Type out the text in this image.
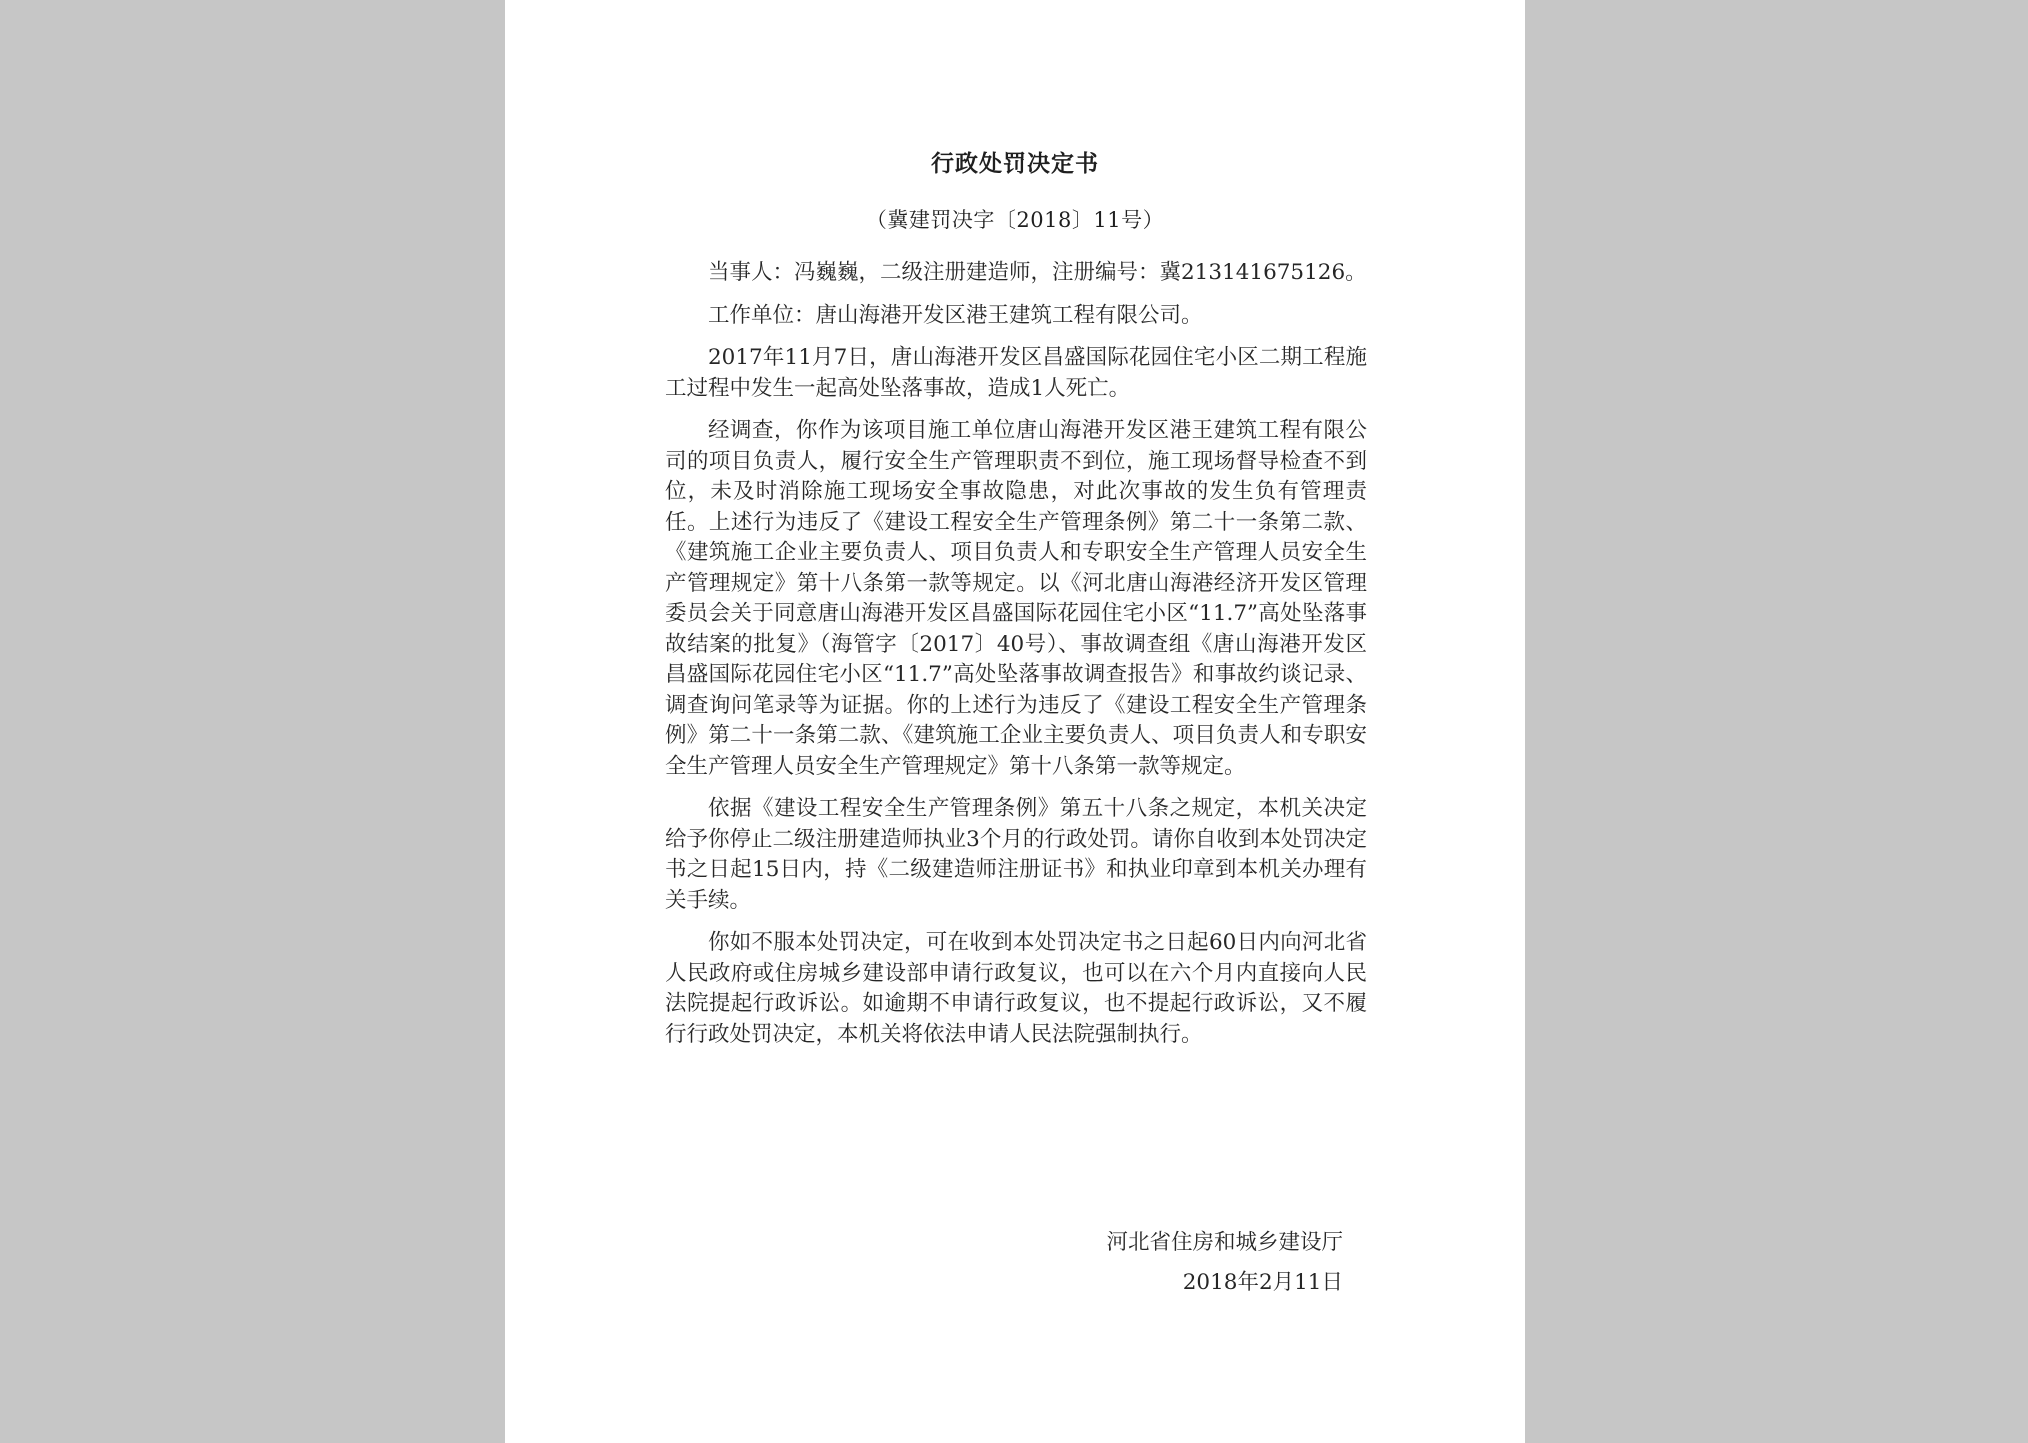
行政处罚决定书
（冀建罚决字〔2018〕11号）

当事人：冯巍巍，二级注册建造师，注册编号：冀213141675126。

工作单位：唐山海港开发区港王建筑工程有限公司。

2017年11月7日，唐山海港开发区昌盛国际花园住宅小区二期工程施工过程中发生一起高处坠落事故，造成1人死亡。

经调查，你作为该项目施工单位唐山海港开发区港王建筑工程有限公司的项目负责人，履行安全生产管理职责不到位，施工现场督导检查不到位，未及时消除施工现场安全事故隐患，对此次事故的发生负有管理责任。上述行为违反了《建设工程安全生产管理条例》第二十一条第二款、《建筑施工企业主要负责人、项目负责人和专职安全生产管理人员安全生产管理规定》第十八条第一款等规定。以《河北唐山海港经济开发区管理委员会关于同意唐山海港开发区昌盛国际花园住宅小区“11.7”高处坠落事故结案的批复》（海管字〔2017〕40号）、事故调查组《唐山海港开发区昌盛国际花园住宅小区“11.7”高处坠落事故调查报告》和事故约谈记录、调查询问笔录等为证据。你的上述行为违反了《建设工程安全生产管理条例》第二十一条第二款、《建筑施工企业主要负责人、项目负责人和专职安全生产管理人员安全生产管理规定》第十八条第一款等规定。

依据《建设工程安全生产管理条例》第五十八条之规定，本机关决定给予你停止二级注册建造师执业3个月的行政处罚。请你自收到本处罚决定书之日起15日内，持《二级建造师注册证书》和执业印章到本机关办理有关手续。

你如不服本处罚决定，可在收到本处罚决定书之日起60日内向河北省人民政府或住房城乡建设部申请行政复议，也可以在六个月内直接向人民法院提起行政诉讼。如逾期不申请行政复议，也不提起行政诉讼，又不履行行政处罚决定，本机关将依法申请人民法院强制执行。

河北省住房和城乡建设厅
2018年2月11日
